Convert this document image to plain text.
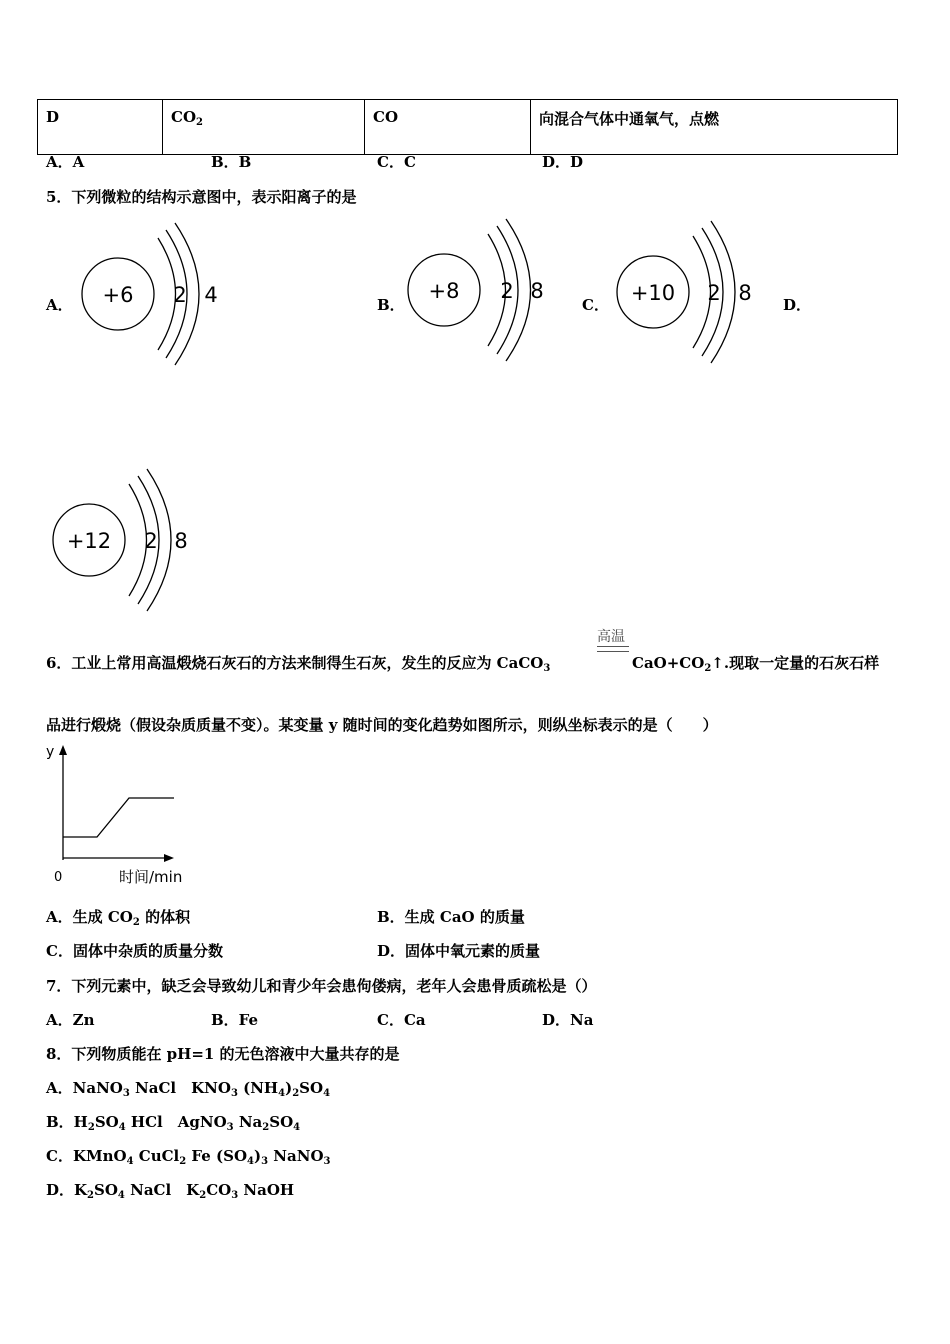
D	$CO_2$	CO	向混合气体中通氧气，点燃
A．A	B．B	C．C	D．D
5．下列微粒的结构示意图中，表示阳离子的是
A．	B．	C．	D．
+6 2 4	+8 2 8	+10 2 8
+12 2 8
6．工业上常用高温煅烧石灰石的方法来制得生石灰，发生的反应为 CaCO$_3$
高温
$CaO+CO_2↑$.现取一定量的石灰石样
品进行煅烧（假设杂质质量不变）。某变量 y 随时间的变化趋势如图所示，则纵坐标表示的是（　　）
y
0	时间/min
A．生成 $CO_2$ 的体积	B．生成 CaO 的质量
C．固体中杂质的质量分数	D．固体中氧元素的质量
7．下列元素中，缺乏会导致幼儿和青少年会患佝偻病，老年人会患骨质疏松是（）
A．Zn	B．Fe	C．Ca	D．Na
8．下列物质能在 pH=1 的无色溶液中大量共存的是
A．NaNO$_3$ NaCl　$KNO_3$ $(NH_4)_2SO_4$
B．$H_2SO_4$ HCl　AgNO$_3$ $Na_2SO_4$
C．KMnO$_4$ CuCl$_2$ Fe $(SO_4)_3$ NaNO$_3$
D．$K_2SO_4$ NaCl　$K_2CO_3$ NaOH
